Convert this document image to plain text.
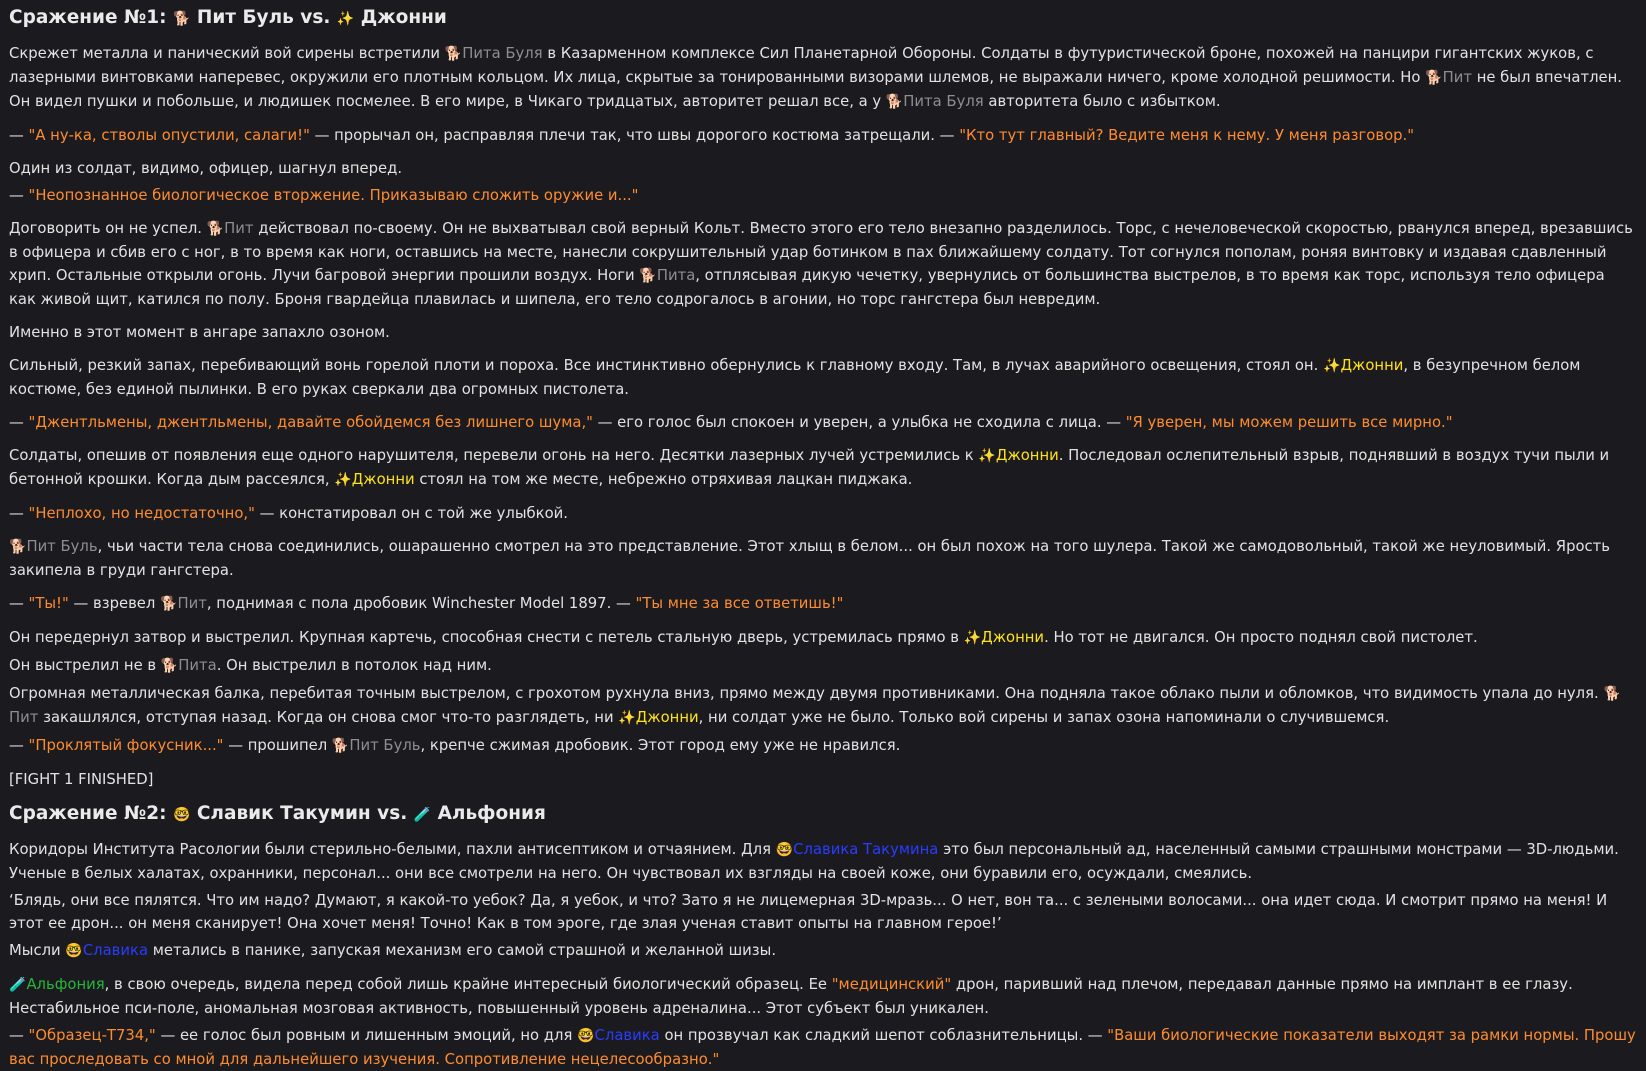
Сражение №1: 🐕 Пит Буль vs. ✨ Джонни

Скрежет металла и панический вой сирены встретили 🐕Пита Буля в Казарменном комплексе Сил Планетарной Обороны. Солдаты в футуристической броне, похожей на панцири гигантских жуков, с лазерными винтовками наперевес, окружили его плотным кольцом. Их лица, скрытые за тонированными визорами шлемов, не выражали ничего, кроме холодной решимости. Но 🐕Пит не был впечатлен. Он видел пушки и побольше, и людишек посмелее. В его мире, в Чикаго тридцатых, авторитет решал все, а у 🐕Пита Буля авторитета было с избытком.

— "А ну-ка, стволы опустили, салаги!" — прорычал он, расправляя плечи так, что швы дорогого костюма затрещали. — "Кто тут главный? Ведите меня к нему. У меня разговор."

Один из солдат, видимо, офицер, шагнул вперед.

— "Неопознанное биологическое вторжение. Приказываю сложить оружие и..."

Договорить он не успел. 🐕Пит действовал по-своему. Он не выхватывал свой верный Кольт. Вместо этого его тело внезапно разделилось. Торс, с нечеловеческой скоростью, рванулся вперед, врезавшись в офицера и сбив его с ног, в то время как ноги, оставшись на месте, нанесли сокрушительный удар ботинком в пах ближайшему солдату. Тот согнулся пополам, роняя винтовку и издавая сдавленный хрип. Остальные открыли огонь. Лучи багровой энергии прошили воздух. Ноги 🐕Пита, отплясывая дикую чечетку, увернулись от большинства выстрелов, в то время как торс, используя тело офицера как живой щит, катился по полу. Броня гвардейца плавилась и шипела, его тело содрогалось в агонии, но торс гангстера был невредим.

Именно в этот момент в ангаре запахло озоном.

Сильный, резкий запах, перебивающий вонь горелой плоти и пороха. Все инстинктивно обернулись к главному входу. Там, в лучах аварийного освещения, стоял он. ✨Джонни, в безупречном белом костюме, без единой пылинки. В его руках сверкали два огромных пистолета.

— "Джентльмены, джентльмены, давайте обойдемся без лишнего шума," — его голос был спокоен и уверен, а улыбка не сходила с лица. — "Я уверен, мы можем решить все мирно."

Солдаты, опешив от появления еще одного нарушителя, перевели огонь на него. Десятки лазерных лучей устремились к ✨Джонни. Последовал ослепительный взрыв, поднявший в воздух тучи пыли и бетонной крошки. Когда дым рассеялся, ✨Джонни стоял на том же месте, небрежно отряхивая лацкан пиджака.

— "Неплохо, но недостаточно," — констатировал он с той же улыбкой.

🐕Пит Буль, чьи части тела снова соединились, ошарашенно смотрел на это представление. Этот хлыщ в белом... он был похож на того шулера. Такой же самодовольный, такой же неуловимый. Ярость закипела в груди гангстера.

— "Ты!" — взревел 🐕Пит, поднимая с пола дробовик Winchester Model 1897. — "Ты мне за все ответишь!"

Он передернул затвор и выстрелил. Крупная картечь, способная снести с петель стальную дверь, устремилась прямо в ✨Джонни. Но тот не двигался. Он просто поднял свой пистолет.

Он выстрелил не в 🐕Пита. Он выстрелил в потолок над ним.

Огромная металлическая балка, перебитая точным выстрелом, с грохотом рухнула вниз, прямо между двумя противниками. Она подняла такое облако пыли и обломков, что видимость упала до нуля. 🐕Пит закашлялся, отступая назад. Когда он снова смог что-то разглядеть, ни ✨Джонни, ни солдат уже не было. Только вой сирены и запах озона напоминали о случившемся.

— "Проклятый фокусник..." — прошипел 🐕Пит Буль, крепче сжимая дробовик. Этот город ему уже не нравился.

[FIGHT 1 FINISHED]

Сражение №2: 🤓 Славик Такумин vs. 🧪 Альфония

Коридоры Института Расологии были стерильно-белыми, пахли антисептиком и отчаянием. Для 🤓Славика Такумина это был персональный ад, населенный самыми страшными монстрами — 3D-людьми. Ученые в белых халатах, охранники, персонал... они все смотрели на него. Он чувствовал их взгляды на своей коже, они буравили его, осуждали, смеялись.

‘Блядь, они все пялятся. Что им надо? Думают, я какой-то уебок? Да, я уебок, и что? Зато я не лицемерная 3D-мразь... О нет, вон та... с зелеными волосами... она идет сюда. И смотрит прямо на меня! И этот ее дрон... он меня сканирует! Она хочет меня! Точно! Как в том эроге, где злая ученая ставит опыты на главном герое!’

Мысли 🤓Славика метались в панике, запуская механизм его самой страшной и желанной шизы.

🧪Альфония, в свою очередь, видела перед собой лишь крайне интересный биологический образец. Ее "медицинский" дрон, паривший над плечом, передавал данные прямо на имплант в ее глазу. Нестабильное пси-поле, аномальная мозговая активность, повышенный уровень адреналина... Этот субъект был уникален.

— "Образец-Т734," — ее голос был ровным и лишенным эмоций, но для 🤓Славика он прозвучал как сладкий шепот соблазнительницы. — "Ваши биологические показатели выходят за рамки нормы. Прошу вас проследовать со мной для дальнейшего изучения. Сопротивление нецелесообразно."
